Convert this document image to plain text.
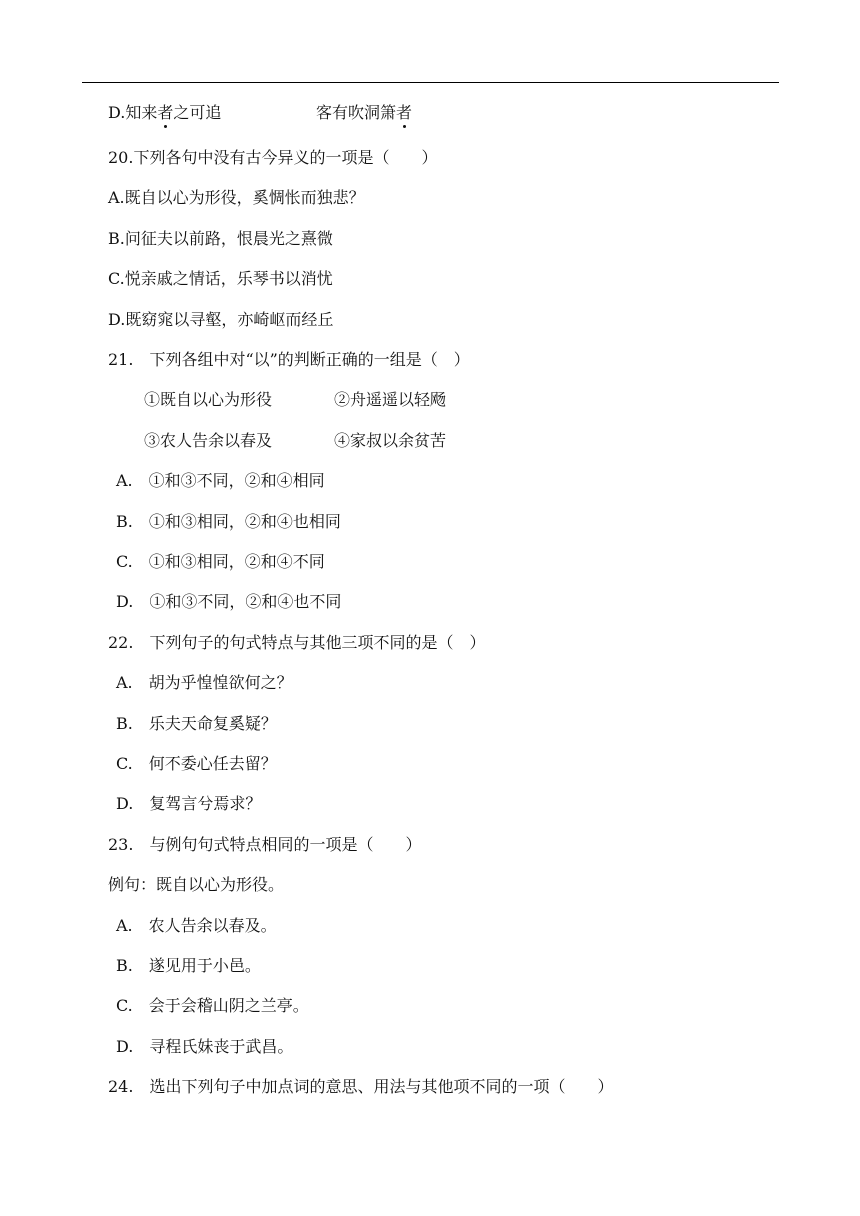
D.知来者之可追	客有吹洞箫者
20.下列各句中没有古今异义的一项是（　　）
A.既自以心为形役，奚惆怅而独悲？
B.问征夫以前路，恨晨光之熹微
C.悦亲戚之情话，乐琴书以消忧
D.既窈窕以寻壑，亦崎岖而经丘
21.　下列各组中对“以”的判断正确的一组是（　）
①既自以心为形役	②舟遥遥以轻飏
③农人告余以春及	④家叔以余贫苦
A.　①和③不同，②和④相同
B.　①和③相同，②和④也相同
C.　①和③相同，②和④不同
D.　①和③不同，②和④也不同
22.　下列句子的句式特点与其他三项不同的是（　）
A.　胡为乎惶惶欲何之？
B.　乐夫天命复奚疑？
C.　何不委心任去留？
D.　复驾言兮焉求？
23.　与例句句式特点相同的一项是（　　）
例句：既自以心为形役。
A.　农人告余以春及。
B.　遂见用于小邑。
C.　会于会稽山阴之兰亭。
D.　寻程氏妹丧于武昌。
24.　选出下列句子中加点词的意思、用法与其他项不同的一项（　　）
